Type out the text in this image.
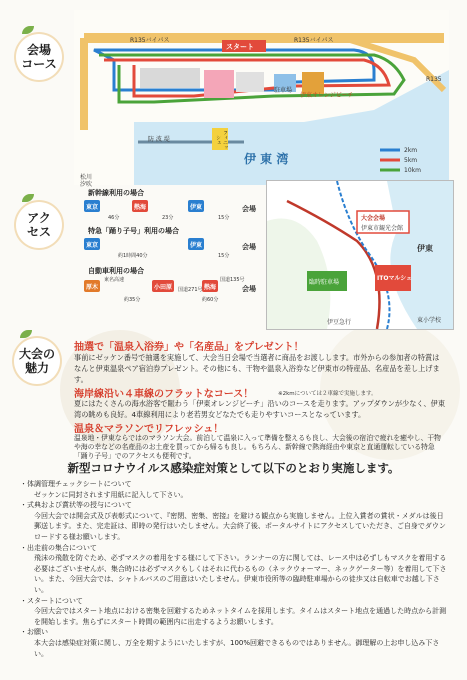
会場
コース
アク
セス
大会の
魅力
R135バイパス	R135バイパス
スタート
R135
伊 東 湾
防 波 堤
伊東オレンジビーチ
フィニッシュ
駐車場
2km
5km
10km
松川
汐吹
新幹線利用の場合
東京	熱海	伊東
46分	23分	15分
会場
特急「踊り子号」利用の場合
東京	伊東
約1時間40分	15分
会場
自動車利用の場合
厚木	小田原	熱海
東名高速
国道271号
国道135号
約35分	約60分
会場
大会会場
伊東市観光会館
ITOマルシェ
臨時駐車場
伊東
東小学校
伊豆急行
抽選で「温泉入浴券」や「名産品」をプレゼント！
事前にゼッケン番号で抽選を実施して、大会当日会場で当選者に商品をお渡しします。市外からの参加者の特賞はなんと伊東温泉ペア宿泊券プレゼント。その他にも、干物や温泉入浴券など伊東市の特産品、名産品を差し上げます。
海岸線沿い４車線のフラットなコース！	※2kmについては２車線で実施します。
夏にはたくさんの海水浴客で賑わう「伊東オレンジビーチ」沿いのコースを走ります。アップダウンが少なく、伊東湾の眺めも良好。4車線利用により老若男女どなたでも走りやすいコースとなっています。
温泉＆マラソンでリフレッシュ！
温泉地・伊東ならではのマラソン大会。前泊して温泉に入って準備を整えるも良し、大会後の宿泊で疲れを癒やし、干物や海の幸などの名産品のお土産を買ってから帰るも良し。もちろん、新幹線で熱海経由や東京と直通運転している特急「踊り子号」でのアクセスも便利です。
新型コロナウイルス感染症対策として以下のとおり実施します。

・体調管理チェックシートについて

ゼッケンに同封されます用紙に記入して下さい。

・式典および賞状等の授与について

今回大会では開会式及び表彰式について、『密閉、密集、密接』を避ける観点から実施しません。上位入賞者の賞状・メダルは後日郵送します。また、完走証は、即時の発行はいたしません。大会終了後、ポータルサイトにアクセスしていただき、ご自身でダウンロードする様お願いします。

・出走前の集合について

飛沫の飛散を防ぐため、必ずマスクの着用をする様にして下さい。ランナーの方に関しては、レース中は必ずしもマスクを着用する必要はございませんが、集合時には必ずマスクもしくはそれに代わるもの（ネックウォーマー、ネックゲーター等）を着用して下さい。また、今回大会では、シャトルバスのご用意はいたしません。伊東市役所等の臨時駐車場からの徒歩又は自転車でお越し下さい。

・スタートについて

今回大会ではスタート地点における密集を回避するためネットタイムを採用します。タイムはスタート地点を通過した時点から計測を開始します。焦らずにスタート時間の範囲内に出走するようお願いします。

・お願い

本大会は感染症対策に関し、万全を期すようにいたしますが、100%回避できるものではありません。御理解の上お申し込み下さい。
